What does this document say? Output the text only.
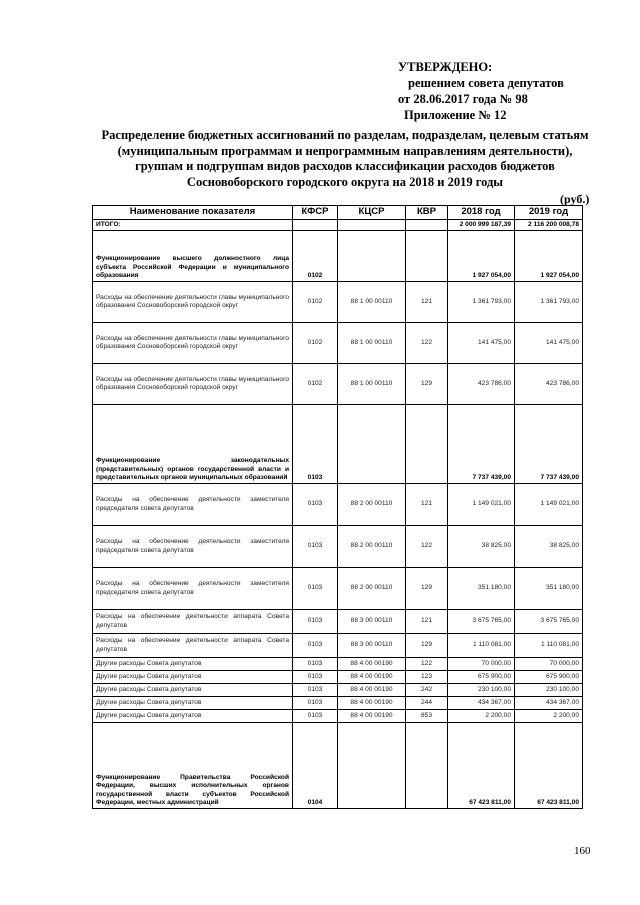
УТВЕРЖДЕНО:
решением совета депутатов
от 28.06.2017 года № 98
Приложение № 12
Распределение бюджетных ассигнований по разделам, подразделам, целевым статьям (муниципальным программам и непрограммным направлениям деятельности), группам и подгруппам видов расходов классификации расходов бюджетов Сосновоборского городского округа на 2018 и 2019 годы
(руб.)
Наименование показателя	КФСР	КЦСР	КВР	2018 год	2019 год
ИТОГО:				2 000 999 187,39	2 116 200 008,78
Функционирование высшего должностного лица субъекта Российской Федерации и муниципального образования	0102			1 927 054,00	1 927 054,00
Расходы на обеспечение деятельности главы муниципального образования Сосновоборский городской округ	0102	88 1 00 00110	121	1 361 793,00	1 361 793,00
Расходы на обеспечение деятельности главы муниципального образования Сосновоборский городской округ	0102	88 1 00 00110	122	141 475,00	141 475,00
Расходы на обеспечение деятельности главы муниципального образования Сосновоборский городской округ	0102	88 1 00 00110	129	423 786,00	423 786,00
Функционирование законодательных (представительных) органов государственной власти и представительных органов муниципальных образований	0103			7 737 439,00	7 737 439,00
Расходы на обеспечение деятельности заместителя председателя совета депутатов	0103	88 2 00 00110	121	1 149 021,00	1 149 021,00
Расходы на обеспечение деятельности заместителя председателя совета депутатов	0103	88 2 00 00110	122	38 825,00	38 825,00
Расходы на обеспечение деятельности заместителя председателя совета депутатов	0103	88 2 00 00110	129	351 180,00	351 180,00
Расходы на обеспечение деятельности аппарата Совета депутатов	0103	88 3 00 00110	121	3 675 765,00	3 675 765,00
Расходы на обеспечение деятельности аппарата Совета депутатов	0103	88 3 00 00110	129	1 110 081,00	1 110 081,00
Другие расходы Совета депутатов	0103	88 4 00 00190	122	70 000,00	70 000,00
Другие расходы Совета депутатов	0103	88 4 00 00190	123	675 900,00	675 900,00
Другие расходы Совета депутатов	0103	88 4 00 00190	242	230 100,00	230 100,00
Другие расходы Совета депутатов	0103	88 4 00 00190	244	434 367,00	434 367,00
Другие расходы Совета депутатов	0103	88 4 00 00190	853	2 200,00	2 200,00
Функционирование Правительства Российской Федерации, высших исполнительных органов государственной власти субъектов Российской Федерации, местных администраций	0104			67 423 811,00	67 423 811,00
160
